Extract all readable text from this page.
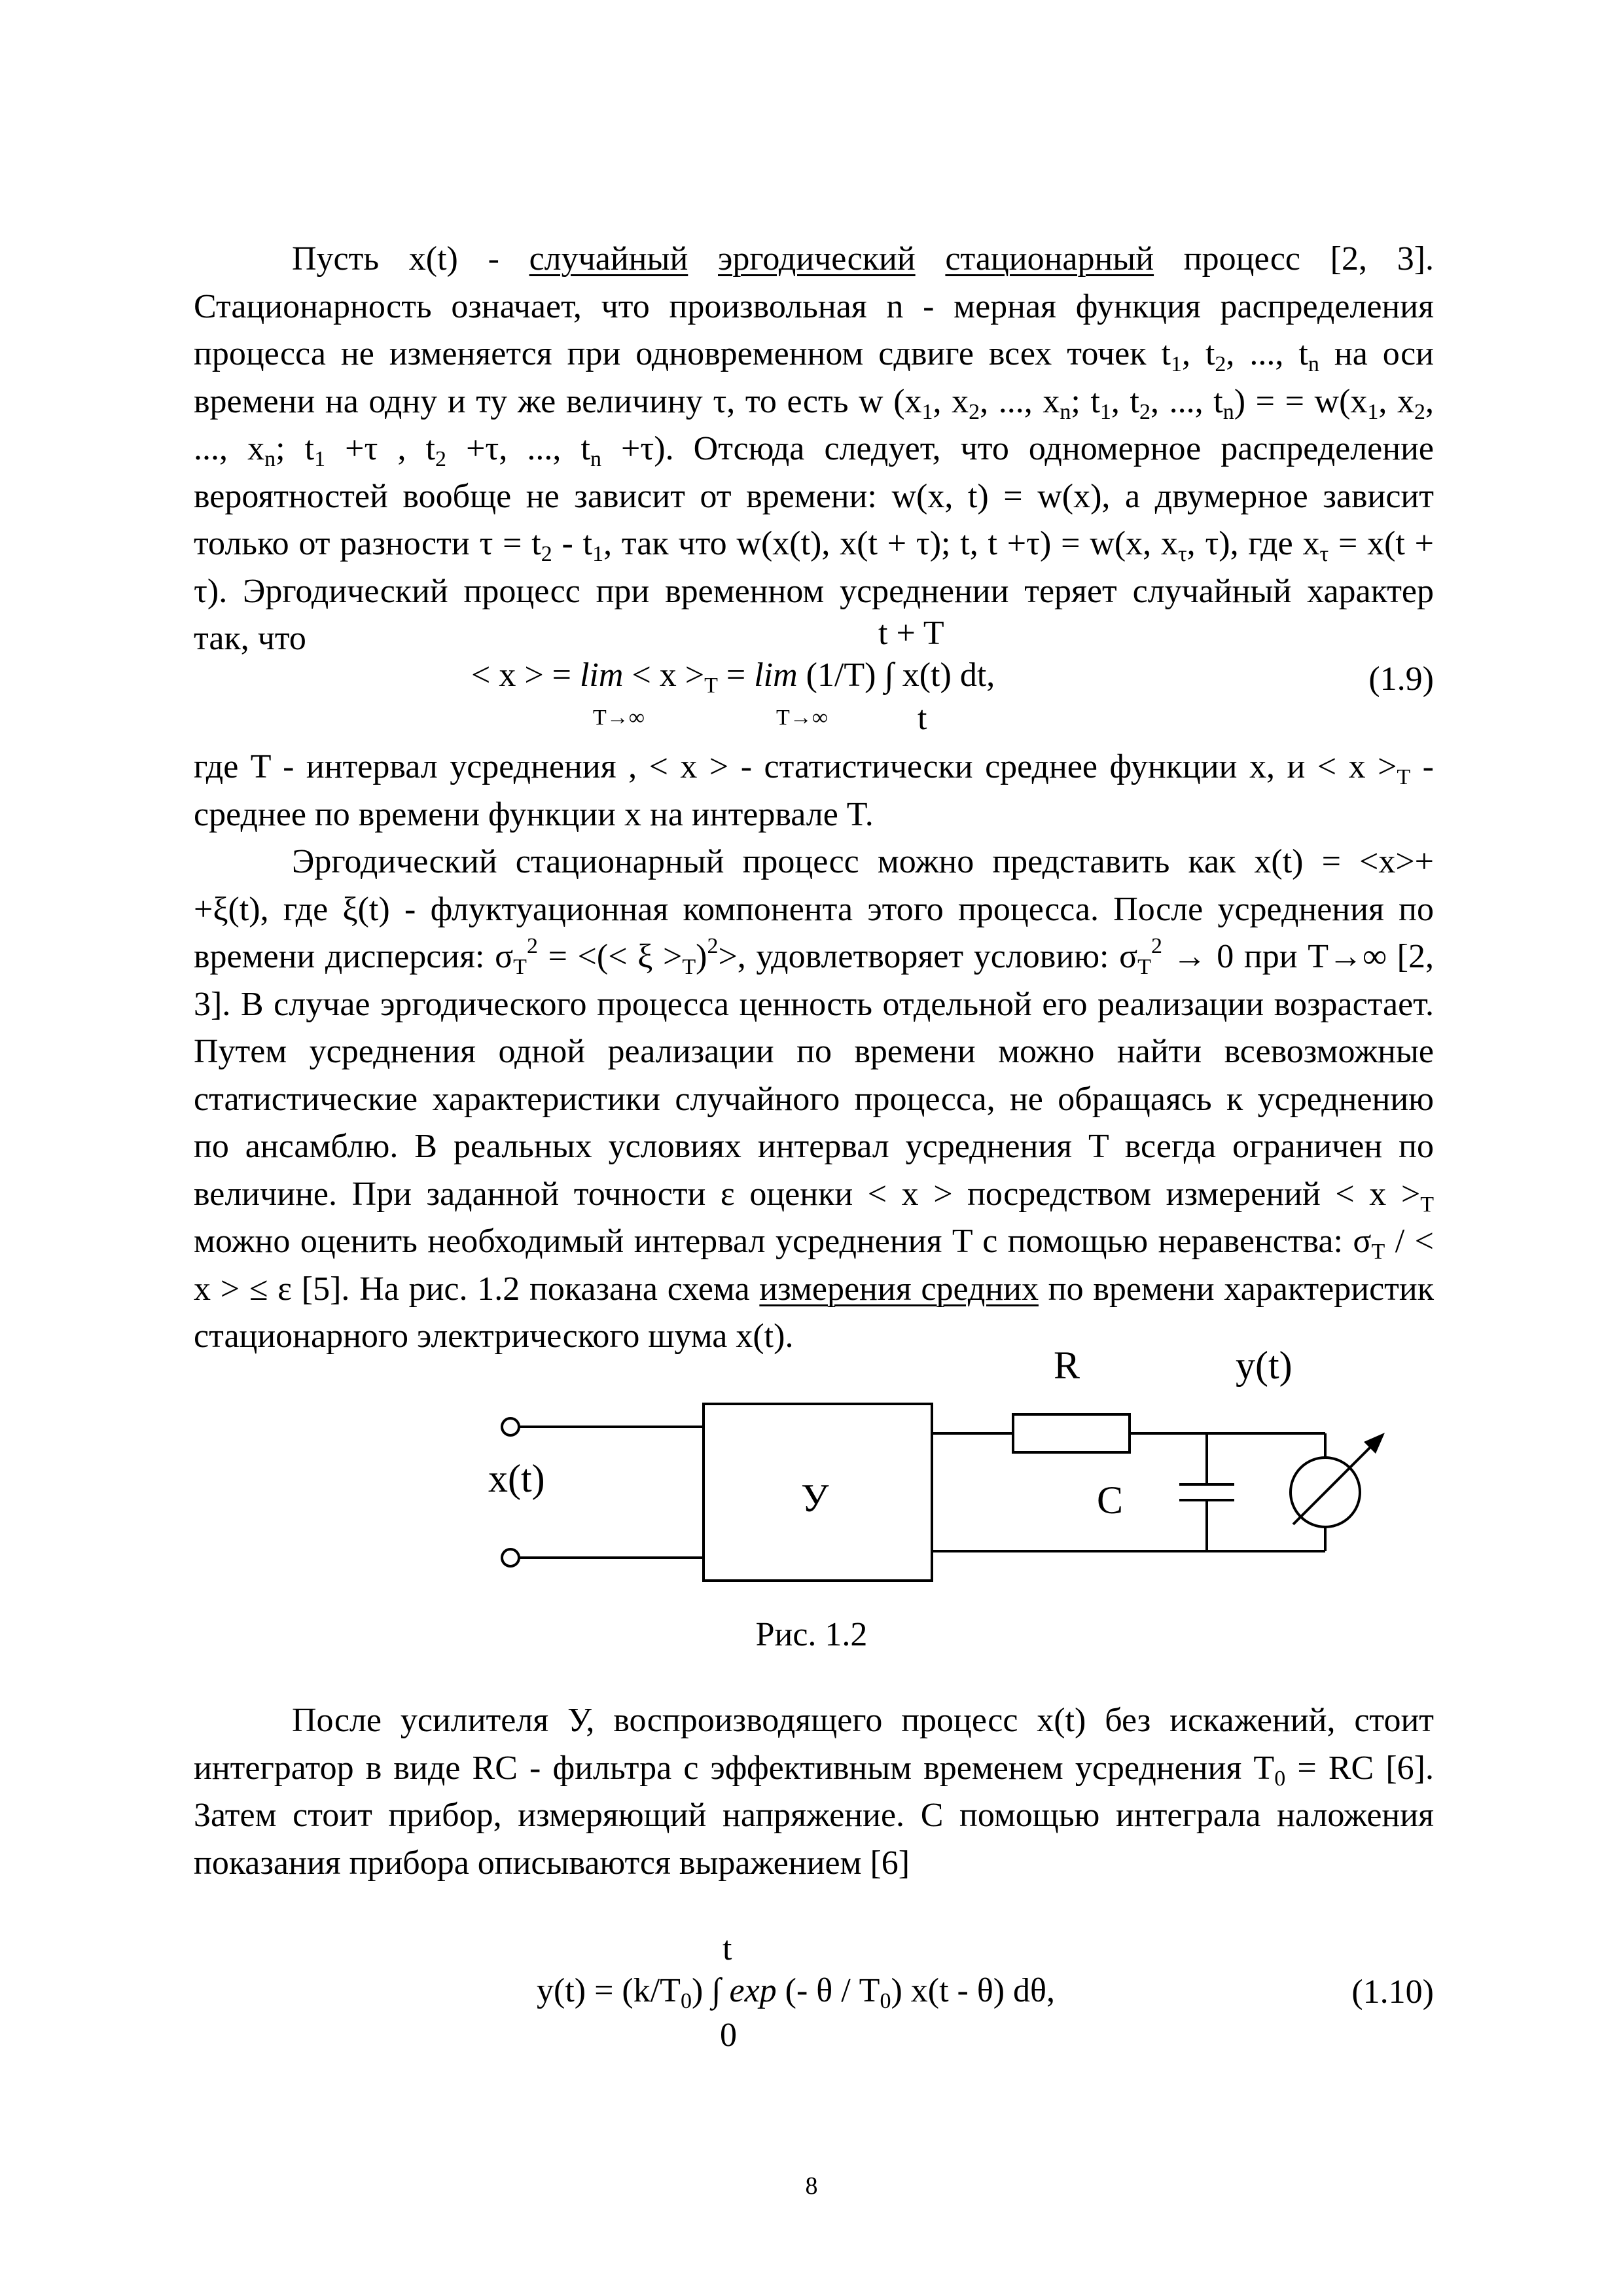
Пусть x(t) - случайный эргодический стационарный процесс [2, 3]. Стационарность означает, что произвольная n - мерная функция распределения процесса не изменяется при одновременном сдвиге всех точек $t_1$, $t_2$, ..., $t_n$ на оси времени на одну и ту же величину τ, то есть w ($x_1$, $x_2$, ..., $x_n$; $t_1$, $t_2$, ..., $t_n$) = = $w(x_1$, $x_2$, ..., $x_n$; $t_1 +\tau$ , $t_2 +\tau$, ..., $t_n +\tau$). Отсюда следует, что одномерное распределение вероятностей вообще не зависит от времени: w(x, t) = w(x), а двумерное зависит только от разности $\tau = t_2 - t_1$, так что w(x(t), x(t + τ); t, t +τ) = w(x, $x_\tau$, τ), где $x_\tau = x(t + \tau)$. Эргодический процесс при временном усреднении теряет случайный характер так, что	t + T
< x > = $\lim < x >_T = \lim (1/T)$ ∫ x(t) dt,
T→∞	T→∞	t
(1.9)
где T - интервал усреднения , < x > - статистически среднее функции x, $и < x >_T$ - среднее по времени функции x на интервале T.
Эргодический стационарный процесс можно представить как x(t) = <x>+ +ξ(t), где ξ(t) - флуктуационная компонента этого процесса. После усреднения по времени дисперсия: $\sigma_T^2$ = <(< $\xi >_T)^2>$, удовлетворяет условию: $\sigma_T^2 \to 0$ при T→∞ [2, 3]. В случае эргодического процесса ценность отдельной его реализации возрастает. Путем усреднения одной реализации по времени можно найти всевозможные статистические характеристики случайного процесса, не обращаясь к усреднению по ансамблю. В реальных условиях интервал усреднения T всегда ограничен по величине. При заданной точности ε оценки < x > посредством измерений < $x >_T$ можно оценить необходимый интервал усреднения T с помощью неравенства: $\sigma_T$ / < x > ≤ ε [5]. На рис. 1.2 показана схема измерения средних по времени характеристик стационарного электрического шума x(t).
R	y(t)
x(t)	У	C
Рис. 1.2
После усилителя У, воспроизводящего процесс x(t) без искажений, стоит интегратор в виде RC - фильтра с эффективным временем усреднения $T_0$ = RC [6]. Затем стоит прибор, измеряющий напряжение. С помощью интеграла наложения показания прибора описываются выражением [6]
t
$y(t) = (k/T_0)$ ∫ exp (- θ / $T_0$) x(t - θ) dθ,
0
(1.10)
8
